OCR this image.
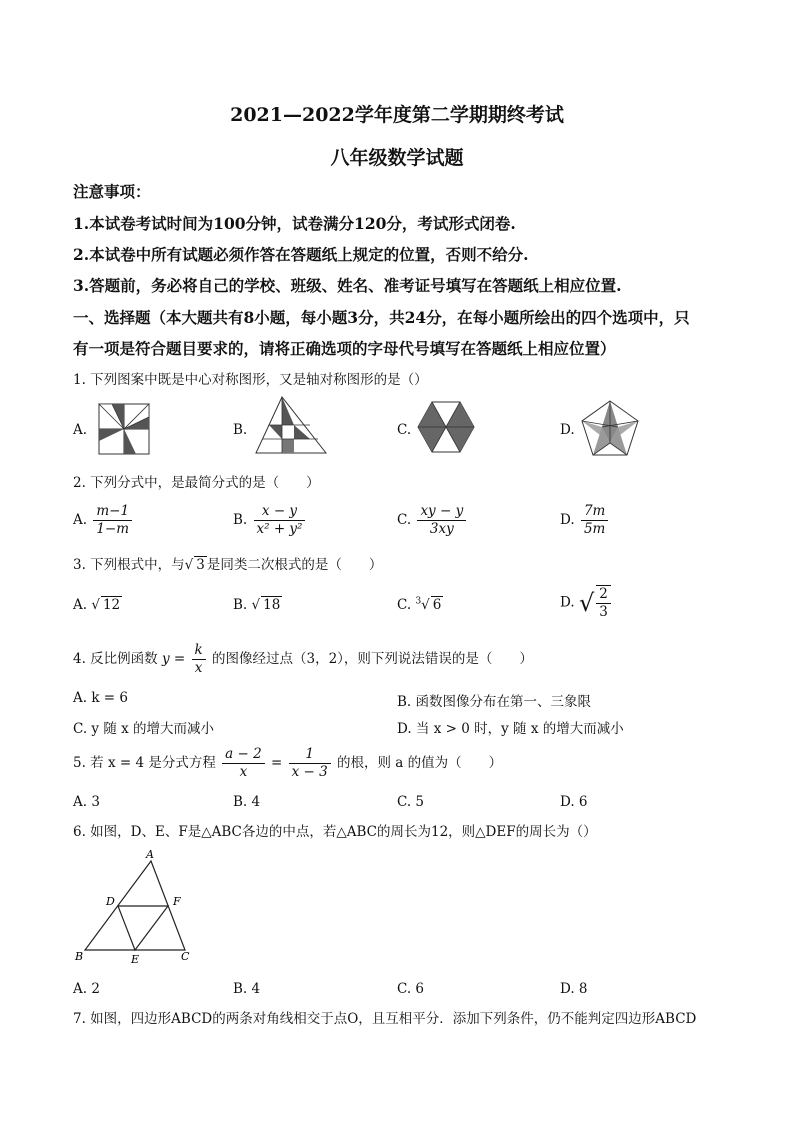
2021—2022学年度第二学期期终考试
八年级数学试题
注意事项：
1.本试卷考试时间为100分钟，试卷满分120分，考试形式闭卷.
2.本试卷中所有试题必须作答在答题纸上规定的位置，否则不给分.
3.答题前，务必将自己的学校、班级、姓名、准考证号填写在答题纸上相应位置.
一、选择题（本大题共有8小题，每小题3分，共24分，在每小题所绘出的四个选项中，只
有一项是符合题目要求的，请将正确选项的字母代号填写在答题纸上相应位置）
1. 下列图案中既是中心对称图形，又是轴对称图形的是（）
A.	B.	C.	D.
2. 下列分式中，是最简分式的是（　　）
A. $\frac{m-1}{1-m}$	B. $\frac{x - y}{\text{x² + y²}}$	C. $\frac{xy - y}{3xy}$	D. $\frac{7m}{5m}$
3. 下列根式中，与√ 3 是同类二次根式的是（　　）
A. √ 12	B. √ 18	C. $^3$√ 6	D. √ $\frac{2}{3}$
4. 反比例函数 $y = \frac{k}{x}$ 的图像经过点（3，2），则下列说法错误的是（　　）
A. k = 6	B. 函数图像分布在第一、三象限
C. y 随 x 的增大而减小	D. 当 x > 0 时，y 随 x 的增大而减小
5. 若 x = 4 是分式方程 $\frac{a - 2}{x} = \frac{1}{x - 3}$ 的根，则 a 的值为（　　）
A. 3	B. 4	C. 5	D. 6
6. 如图，D、E、F是△ABC各边的中点，若△ABC的周长为12，则△DEF的周长为（）
A
B	C
D
E
F
A. 2	B. 4	C. 6	D. 8
7. 如图，四边形ABCD的两条对角线相交于点O，且互相平分．添加下列条件，仍不能判定四边形ABCD
